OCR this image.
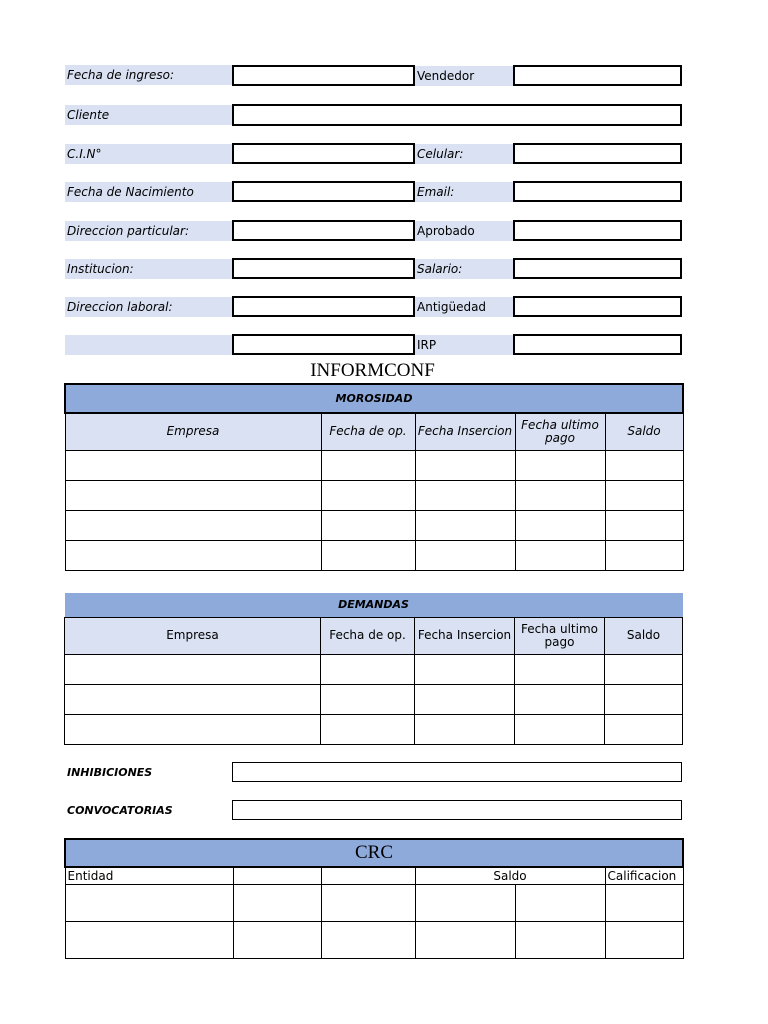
Fecha de ingreso:	Vendedor
Cliente
C.I.N°	Celular:
Fecha de Nacimiento	Email:
Direccion particular:	Aprobado
Institucion:	Salario:
Direccion laboral:	Antigüedad
IRP
INFORMCONF
MOROSIDAD				
Empresa	Fecha de op.	Fecha Insercion	Fecha ultimo pago	Saldo

DEMANDAS				
Empresa	Fecha de op.	Fecha Insercion	Fecha ultimo pago	Saldo

INHIBICIONES
CONVOCATORIAS
CRC					
Entidad			Saldo		Calificacion
